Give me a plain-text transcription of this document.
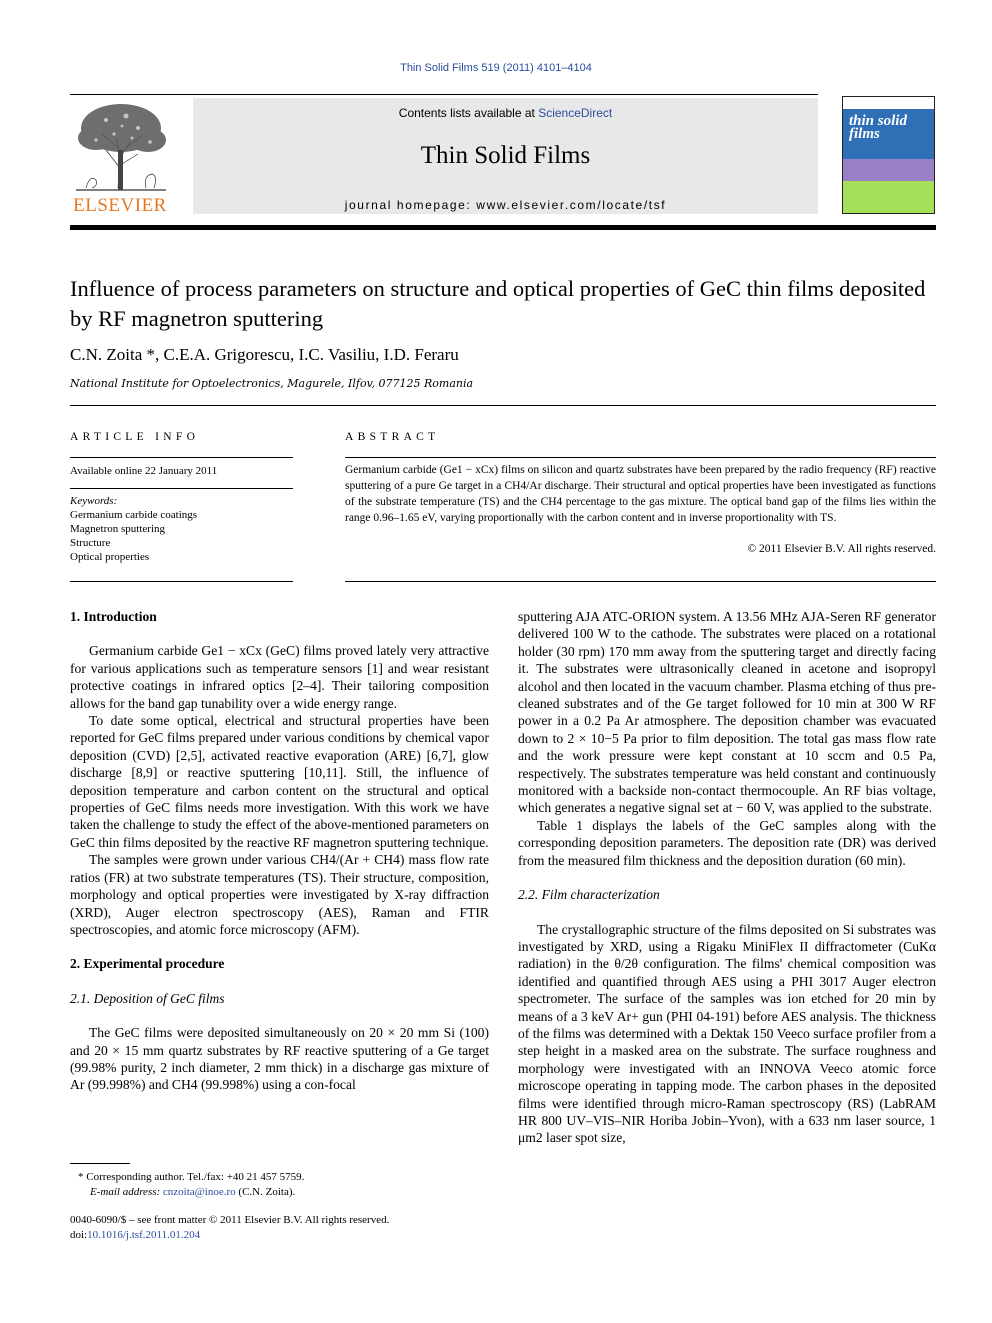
Thin Solid Films 519 (2011) 4101–4104
ELSEVIER
Contents lists available at ScienceDirect
Thin Solid Films
journal homepage: www.elsevier.com/locate/tsf
thin solid films
Influence of process parameters on structure and optical properties of GeC thin films deposited by RF magnetron sputtering
C.N. Zoita *, C.E.A. Grigorescu, I.C. Vasiliu, I.D. Feraru
National Institute for Optoelectronics, Magurele, Ilfov, 077125 Romania
ARTICLE INFO
Available online 22 January 2011
Keywords:
Germanium carbide coatings
Magnetron sputtering
Structure
Optical properties
ABSTRACT
Germanium carbide (Ge1 − xCx) films on silicon and quartz substrates have been prepared by the radio frequency (RF) reactive sputtering of a pure Ge target in a CH4/Ar discharge. Their structural and optical properties have been investigated as functions of the substrate temperature (TS) and the CH4 percentage to the gas mixture. The optical band gap of the films lies within the range 0.96–1.65 eV, varying proportionally with the carbon content and in inverse proportionality with TS.
© 2011 Elsevier B.V. All rights reserved.
1. Introduction

Germanium carbide Ge1 − xCx (GeC) films proved lately very attractive for various applications such as temperature sensors [1] and wear resistant protective coatings in infrared optics [2–4]. Their tailoring composition allows for the band gap tunability over a wide energy range.

To date some optical, electrical and structural properties have been reported for GeC films prepared under various conditions by chemical vapor deposition (CVD) [2,5], activated reactive evaporation (ARE) [6,7], glow discharge [8,9] or reactive sputtering [10,11]. Still, the influence of deposition temperature and carbon content on the structural and optical properties of GeC films needs more investigation. With this work we have taken the challenge to study the effect of the above-mentioned parameters on GeC thin films deposited by the reactive RF magnetron sputtering technique.

The samples were grown under various CH4/(Ar + CH4) mass flow rate ratios (FR) at two substrate temperatures (TS). Their structure, composition, morphology and optical properties were investigated by X-ray diffraction (XRD), Auger electron spectroscopy (AES), Raman and FTIR spectroscopies, and atomic force microscopy (AFM).

2. Experimental procedure
2.1. Deposition of GeC films

The GeC films were deposited simultaneously on 20 × 20 mm Si (100) and 20 × 15 mm quartz substrates by RF reactive sputtering of a Ge target (99.98% purity, 2 inch diameter, 2 mm thick) in a discharge gas mixture of Ar (99.998%) and CH4 (99.998%) using a con-focal

sputtering AJA ATC-ORION system. A 13.56 MHz AJA-Seren RF generator delivered 100 W to the cathode. The substrates were placed on a rotational holder (30 rpm) 170 mm away from the sputtering target and directly facing it. The substrates were ultrasonically cleaned in acetone and isopropyl alcohol and then located in the vacuum chamber. Plasma etching of thus pre-cleaned substrates and of the Ge target followed for 10 min at 300 W RF power in a 0.2 Pa Ar atmosphere. The deposition chamber was evacuated down to 2 × 10−5 Pa prior to film deposition. The total gas mass flow rate and the work pressure were kept constant at 10 sccm and 0.5 Pa, respectively. The substrates temperature was held constant and continuously monitored with a backside non-contact thermocouple. An RF bias voltage, which generates a negative signal set at − 60 V, was applied to the substrate.

Table 1 displays the labels of the GeC samples along with the corresponding deposition parameters. The deposition rate (DR) was derived from the measured film thickness and the deposition duration (60 min).

2.2. Film characterization

The crystallographic structure of the films deposited on Si substrates was investigated by XRD, using a Rigaku MiniFlex II diffractometer (CuKα radiation) in the θ/2θ configuration. The films' chemical composition was identified and quantified through AES using a PHI 3017 Auger electron spectrometer. The surface of the samples was ion etched for 20 min by means of a 3 keV Ar+ gun (PHI 04-191) before AES analysis. The thickness of the films was determined with a Dektak 150 Veeco surface profiler from a step height in a masked area on the substrate. The surface roughness and morphology were investigated with an INNOVA Veeco atomic force microscope operating in tapping mode. The carbon phases in the deposited films were identified through micro-Raman spectroscopy (RS) (LabRAM HR 800 UV–VIS–NIR Horiba Jobin–Yvon), with a 633 nm laser source, 1 μm2 laser spot size,

* Corresponding author. Tel./fax: +40 21 457 5759.
E-mail address: cnzoita@inoe.ro (C.N. Zoita).
0040-6090/$ – see front matter © 2011 Elsevier B.V. All rights reserved.
doi:10.1016/j.tsf.2011.01.204
